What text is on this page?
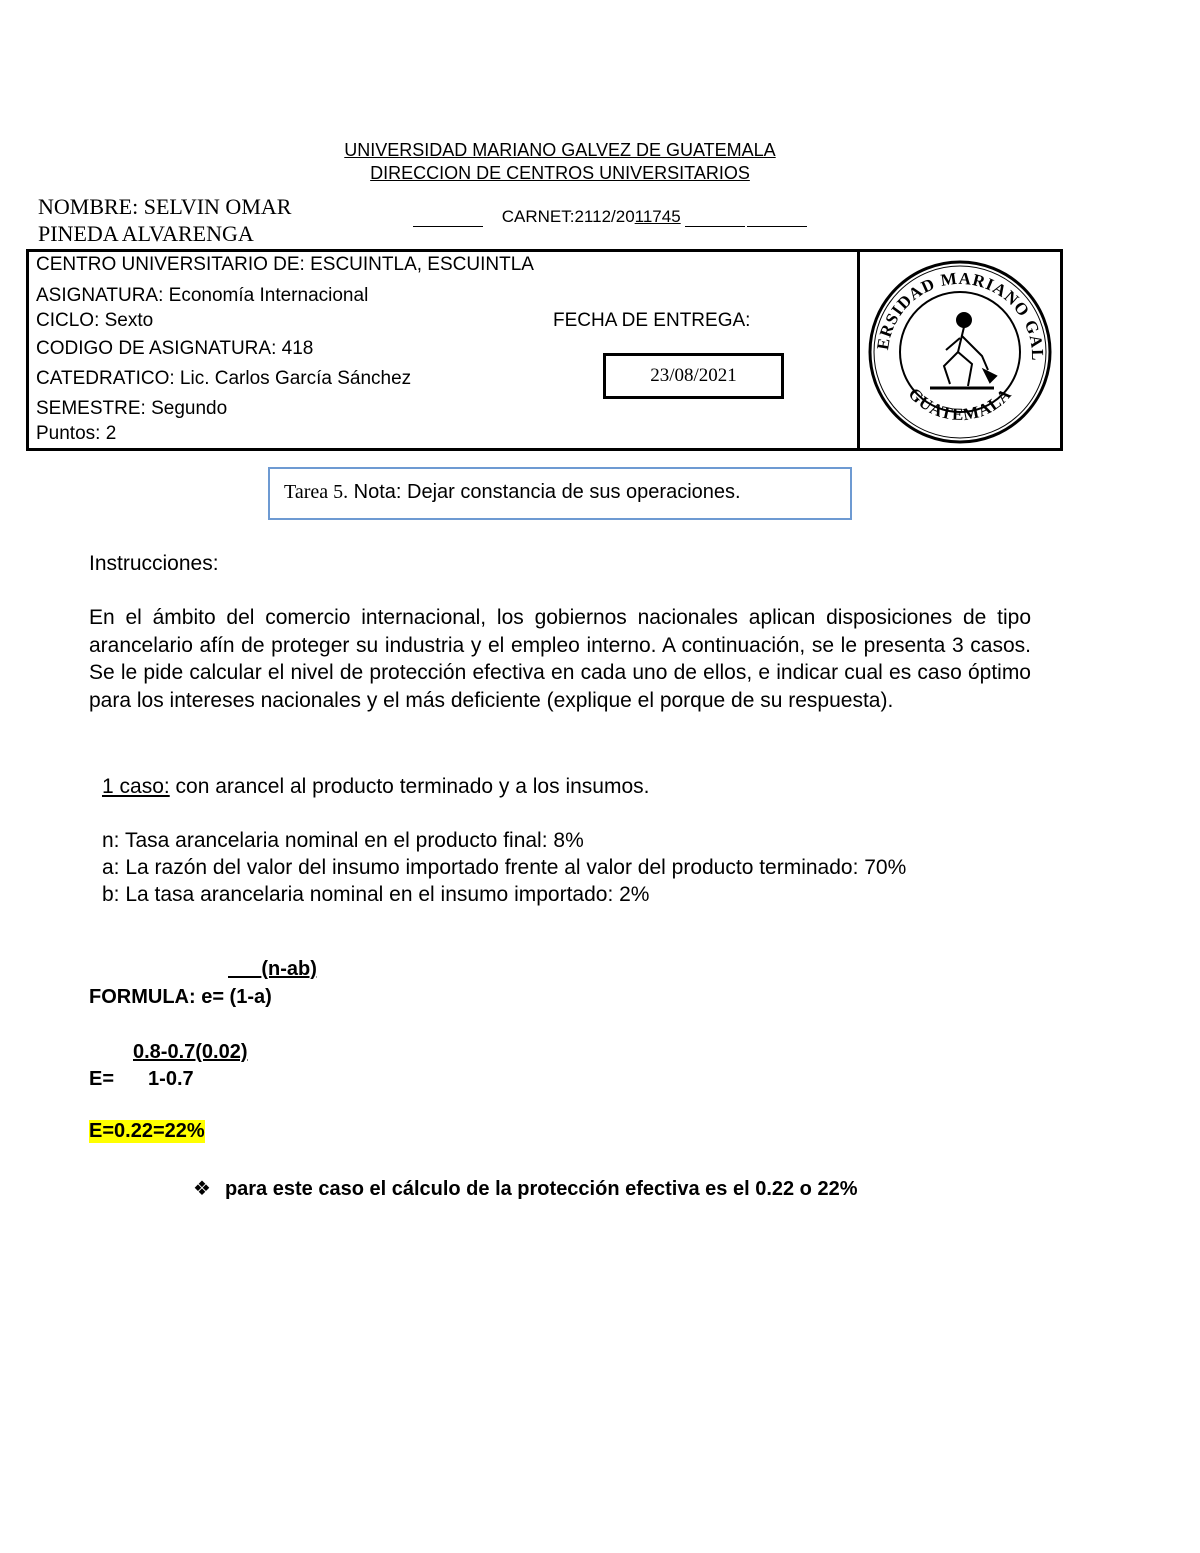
UNIVERSIDAD MARIANO GALVEZ DE GUATEMALA
DIRECCION DE CENTROS UNIVERSITARIOS
NOMBRE: SELVIN OMAR PINEDA ALVARENGA
CARNET:2112/2011745
CENTRO UNIVERSITARIO DE: ESCUINTLA, ESCUINTLA
ASIGNATURA: Economía Internacional
CICLO: Sexto
CODIGO DE ASIGNATURA: 418
CATEDRATICO: Lic. Carlos García Sánchez
SEMESTRE: Segundo
Puntos: 2
FECHA DE ENTREGA:
23/08/2021
ERSIDAD MARIANO GAL
GUATEMALA
Tarea 5. Nota: Dejar constancia de sus operaciones.
Instrucciones:
En el ámbito del comercio internacional, los gobiernos nacionales aplican disposiciones de tipo arancelario afín de proteger su industria y el empleo interno. A continuación, se le presenta 3 casos. Se le pide calcular el nivel de protección efectiva en cada uno de ellos, e indicar cual es caso óptimo para los intereses nacionales y el más deficiente (explique el porque de su respuesta).
1 caso: con arancel al producto terminado y a los insumos.
n: Tasa arancelaria nominal en el producto final: 8%
a: La razón del valor del insumo importado frente al valor del producto terminado: 70%
b: La tasa arancelaria nominal en el insumo importado: 2%
(n-ab)
FORMULA: e= (1-a)
0.8-0.7(0.02)
E= 1-0.7
E=0.22=22%
❖ para este caso el cálculo de la protección efectiva es el 0.22 o 22%
